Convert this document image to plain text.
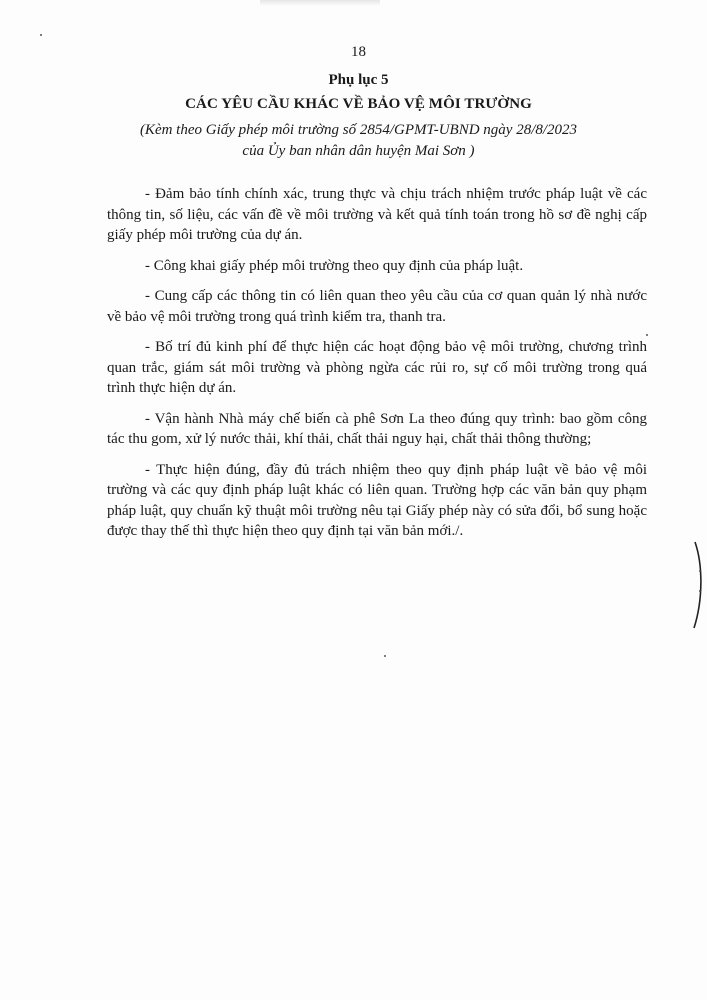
18
Phụ lục 5
CÁC YÊU CẦU KHÁC VỀ BẢO VỆ MÔI TRƯỜNG
(Kèm theo Giấy phép môi trường số 2854/GPMT-UBND ngày 28/8/2023
của Ủy ban nhân dân huyện Mai Sơn )

- Đảm bảo tính chính xác, trung thực và chịu trách nhiệm trước pháp luật về các thông tin, số liệu, các vấn đề về môi trường và kết quả tính toán trong hồ sơ đề nghị cấp giấy phép môi trường của dự án.

- Công khai giấy phép môi trường theo quy định của pháp luật.

- Cung cấp các thông tin có liên quan theo yêu cầu của cơ quan quản lý nhà nước về bảo vệ môi trường trong quá trình kiểm tra, thanh tra.

- Bố trí đủ kinh phí để thực hiện các hoạt động bảo vệ môi trường, chương trình quan trắc, giám sát môi trường và phòng ngừa các rủi ro, sự cố môi trường trong quá trình thực hiện dự án.

- Vận hành Nhà máy chế biến cà phê Sơn La theo đúng quy trình: bao gồm công tác thu gom, xử lý nước thải, khí thải, chất thải nguy hại, chất thải thông thường;

- Thực hiện đúng, đầy đủ trách nhiệm theo quy định pháp luật về bảo vệ môi trường và các quy định pháp luật khác có liên quan. Trường hợp các văn bản quy phạm pháp luật, quy chuẩn kỹ thuật môi trường nêu tại Giấy phép này có sửa đổi, bổ sung hoặc được thay thế thì thực hiện theo quy định tại văn bản mới./.
